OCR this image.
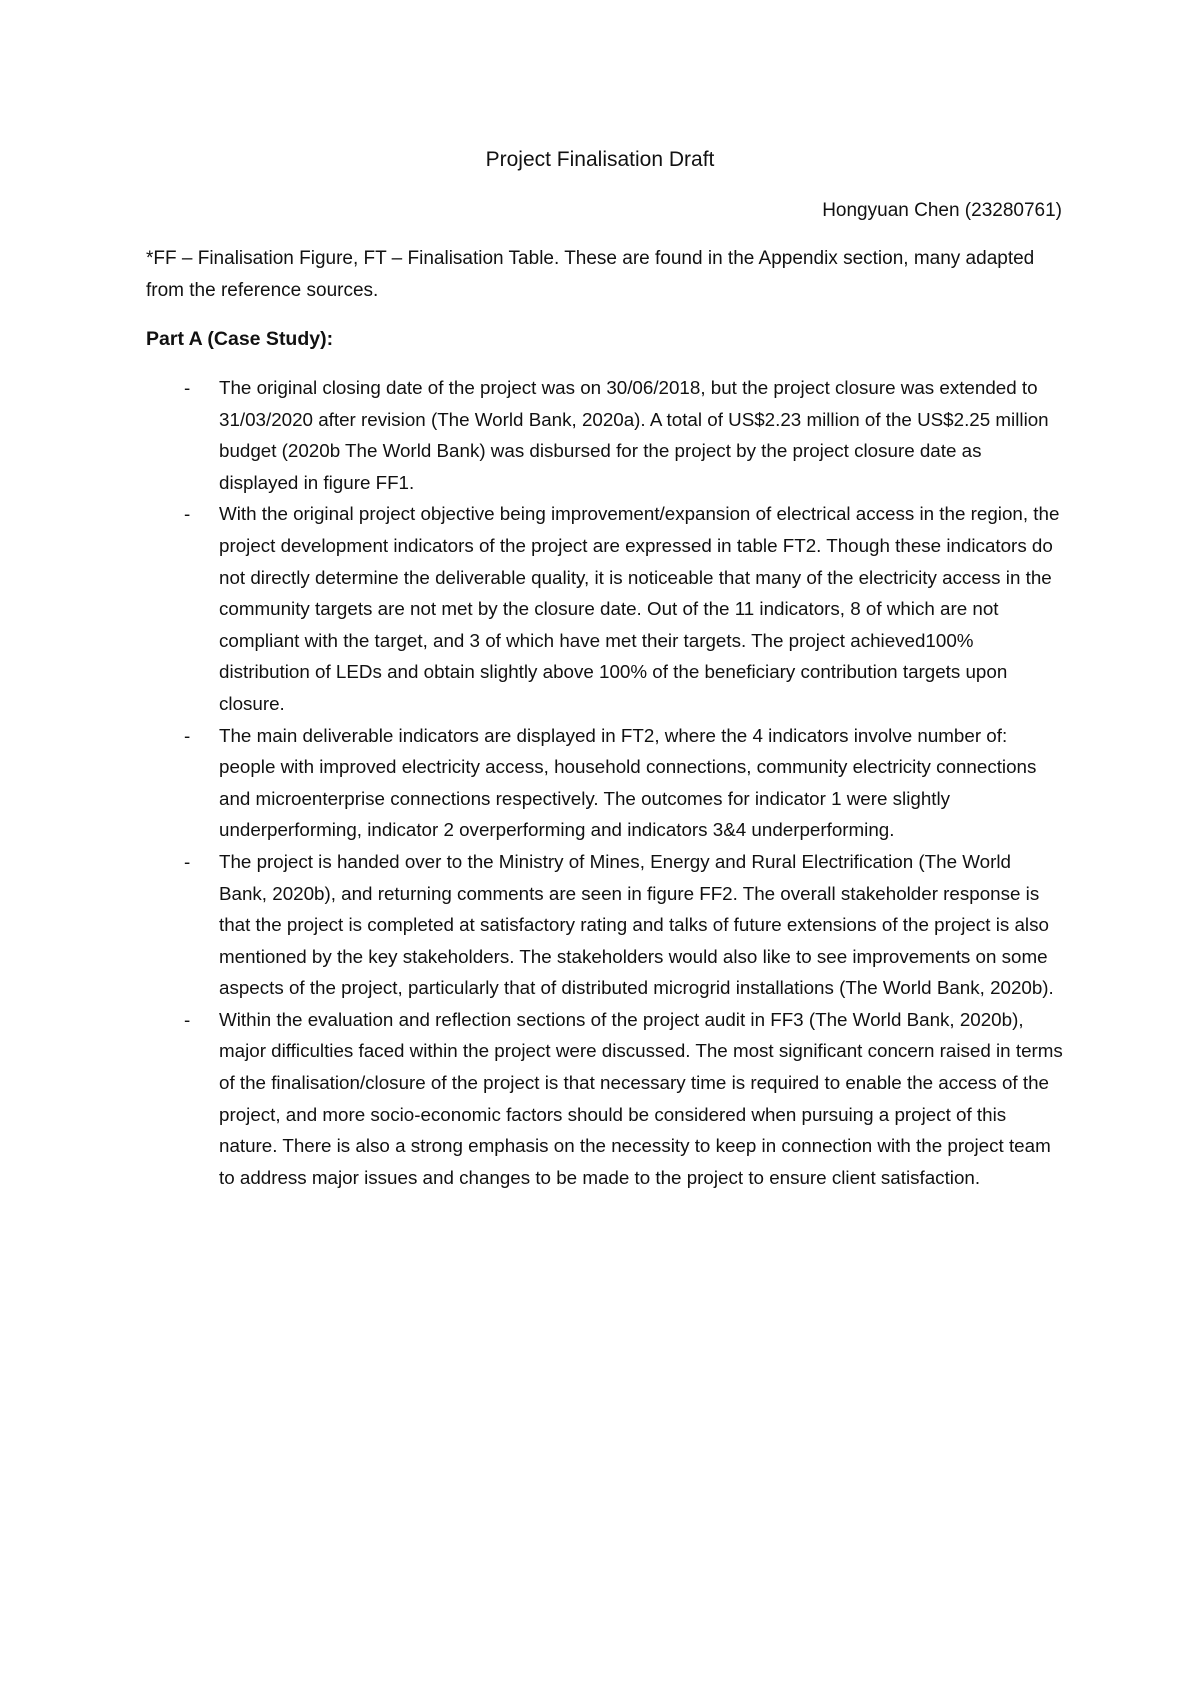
Project Finalisation Draft

Hongyuan Chen (23280761)

*FF – Finalisation Figure, FT – Finalisation Table. These are found in the Appendix section, many adapted from the reference sources.

Part A (Case Study):
- The original closing date of the project was on 30/06/2018, but the project closure was extended to 31/03/2020 after revision (The World Bank, 2020a). A total of US$2.23 million of the US$2.25 million budget (2020b The World Bank) was disbursed for the project by the project closure date as displayed in figure FF1.
- With the original project objective being improvement/expansion of electrical access in the region, the project development indicators of the project are expressed in table FT2. Though these indicators do not directly determine the deliverable quality, it is noticeable that many of the electricity access in the community targets are not met by the closure date. Out of the 11 indicators, 8 of which are not compliant with the target, and 3 of which have met their targets. The project achieved100% distribution of LEDs and obtain slightly above 100% of the beneficiary contribution targets upon closure.
- The main deliverable indicators are displayed in FT2, where the 4 indicators involve number of: people with improved electricity access, household connections, community electricity connections and microenterprise connections respectively. The outcomes for indicator 1 were slightly underperforming, indicator 2 overperforming and indicators 3&4 underperforming.
- The project is handed over to the Ministry of Mines, Energy and Rural Electrification (The World Bank, 2020b), and returning comments are seen in figure FF2. The overall stakeholder response is that the project is completed at satisfactory rating and talks of future extensions of the project is also mentioned by the key stakeholders. The stakeholders would also like to see improvements on some aspects of the project, particularly that of distributed microgrid installations (The World Bank, 2020b).
- Within the evaluation and reflection sections of the project audit in FF3 (The World Bank, 2020b), major difficulties faced within the project were discussed. The most significant concern raised in terms of the finalisation/closure of the project is that necessary time is required to enable the access of the project, and more socio-economic factors should be considered when pursuing a project of this nature. There is also a strong emphasis on the necessity to keep in connection with the project team to address major issues and changes to be made to the project to ensure client satisfaction.
